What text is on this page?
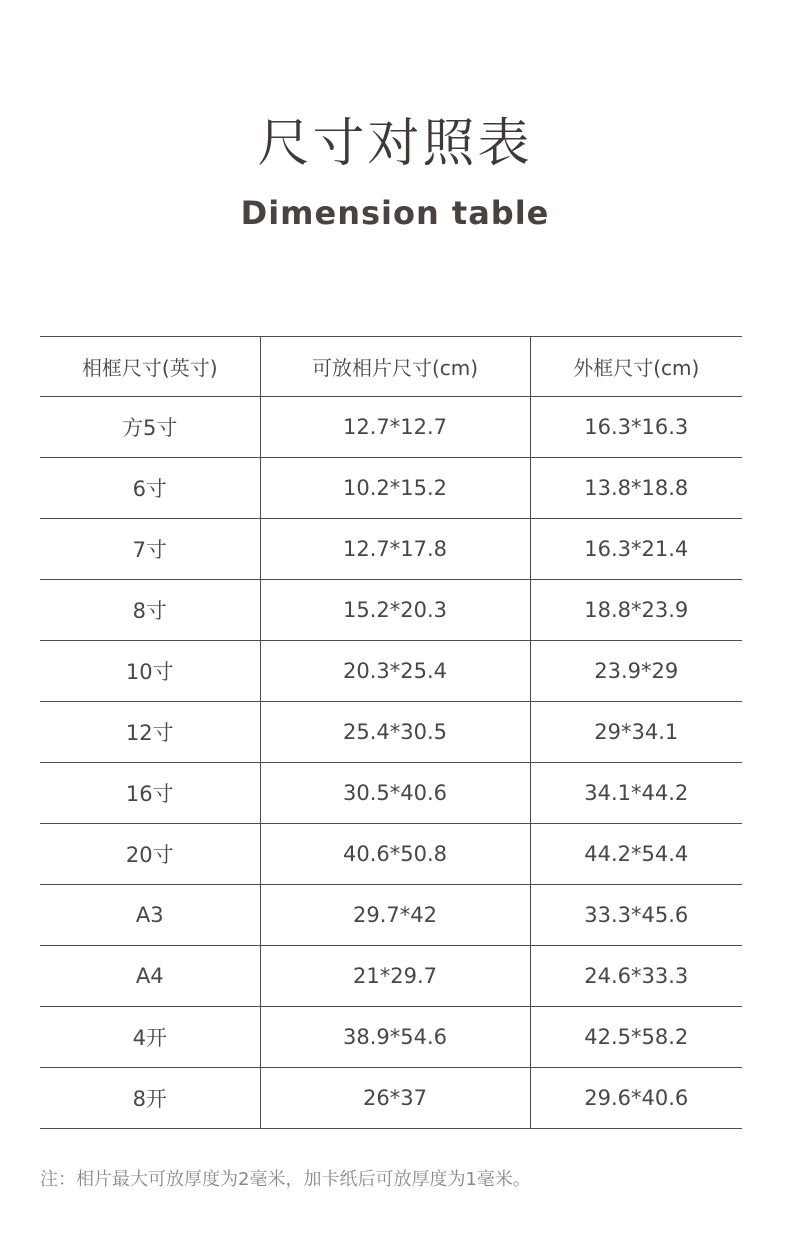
尺寸对照表
Dimension table
相框尺寸(英寸)	可放相片尺寸(cm)	外框尺寸(cm)
方5寸	12.7*12.7	16.3*16.3
6寸	10.2*15.2	13.8*18.8
7寸	12.7*17.8	16.3*21.4
8寸	15.2*20.3	18.8*23.9
10寸	20.3*25.4	23.9*29
12寸	25.4*30.5	29*34.1
16寸	30.5*40.6	34.1*44.2
20寸	40.6*50.8	44.2*54.4
A3	29.7*42	33.3*45.6
A4	21*29.7	24.6*33.3
4开	38.9*54.6	42.5*58.2
8开	26*37	29.6*40.6
注：相片最大可放厚度为2毫米，加卡纸后可放厚度为1毫米。
